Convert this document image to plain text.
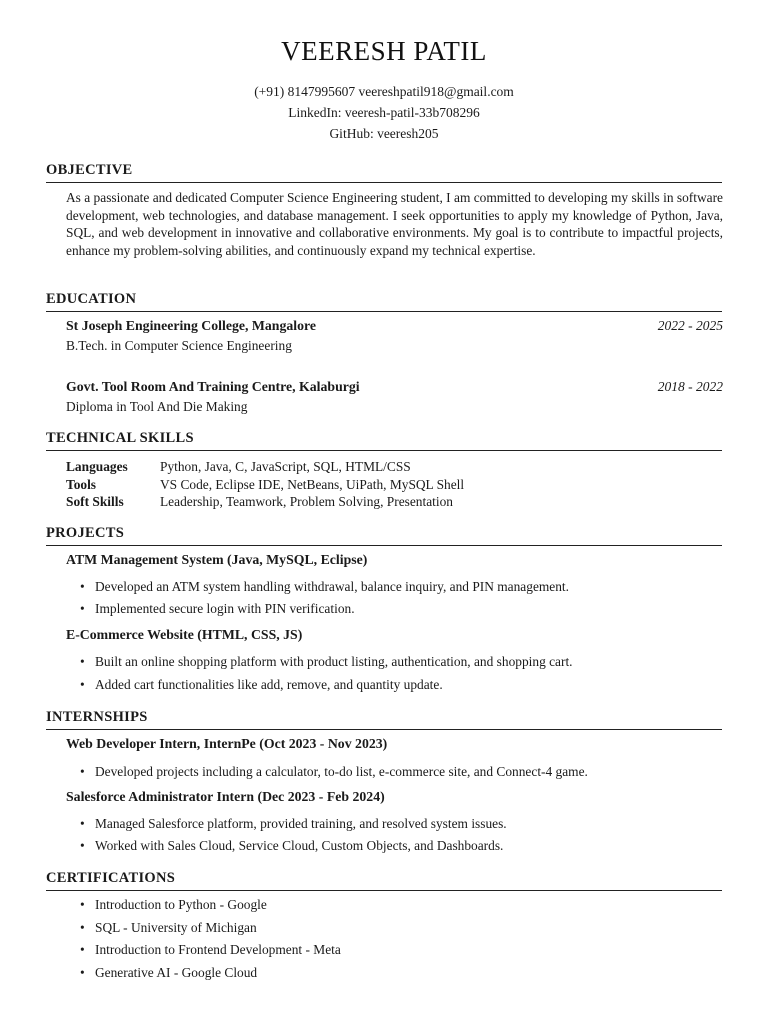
VEERESH PATIL
(+91) 8147995607 veereshpatil918@gmail.com
LinkedIn: veeresh-patil-33b708296
GitHub: veeresh205
OBJECTIVE
As a passionate and dedicated Computer Science Engineering student, I am committed to developing my skills in software development, web technologies, and database management. I seek opportunities to apply my knowledge of Python, Java, SQL, and web development in innovative and collaborative environments. My goal is to contribute to impactful projects, enhance my problem-solving abilities, and continuously expand my technical expertise.
EDUCATION
St Joseph Engineering College, Mangalore	2022 - 2025
B.Tech. in Computer Science Engineering
Govt. Tool Room And Training Centre, Kalaburgi	2018 - 2022
Diploma in Tool And Die Making
TECHNICAL SKILLS
Languages Python, Java, C, JavaScript, SQL, HTML/CSS
Tools	VS Code, Eclipse IDE, NetBeans, UiPath, MySQL Shell
Soft Skills	Leadership, Teamwork, Problem Solving, Presentation
PROJECTS
ATM Management System (Java, MySQL, Eclipse)
• Developed an ATM system handling withdrawal, balance inquiry, and PIN management.
• Implemented secure login with PIN verification.
E-Commerce Website (HTML, CSS, JS)
• Built an online shopping platform with product listing, authentication, and shopping cart.
• Added cart functionalities like add, remove, and quantity update.
INTERNSHIPS
Web Developer Intern, InternPe (Oct 2023 - Nov 2023)
• Developed projects including a calculator, to-do list, e-commerce site, and Connect-4 game.
Salesforce Administrator Intern (Dec 2023 - Feb 2024)
• Managed Salesforce platform, provided training, and resolved system issues.
• Worked with Sales Cloud, Service Cloud, Custom Objects, and Dashboards.
CERTIFICATIONS
• Introduction to Python - Google
• SQL - University of Michigan
• Introduction to Frontend Development - Meta
• Generative AI - Google Cloud
